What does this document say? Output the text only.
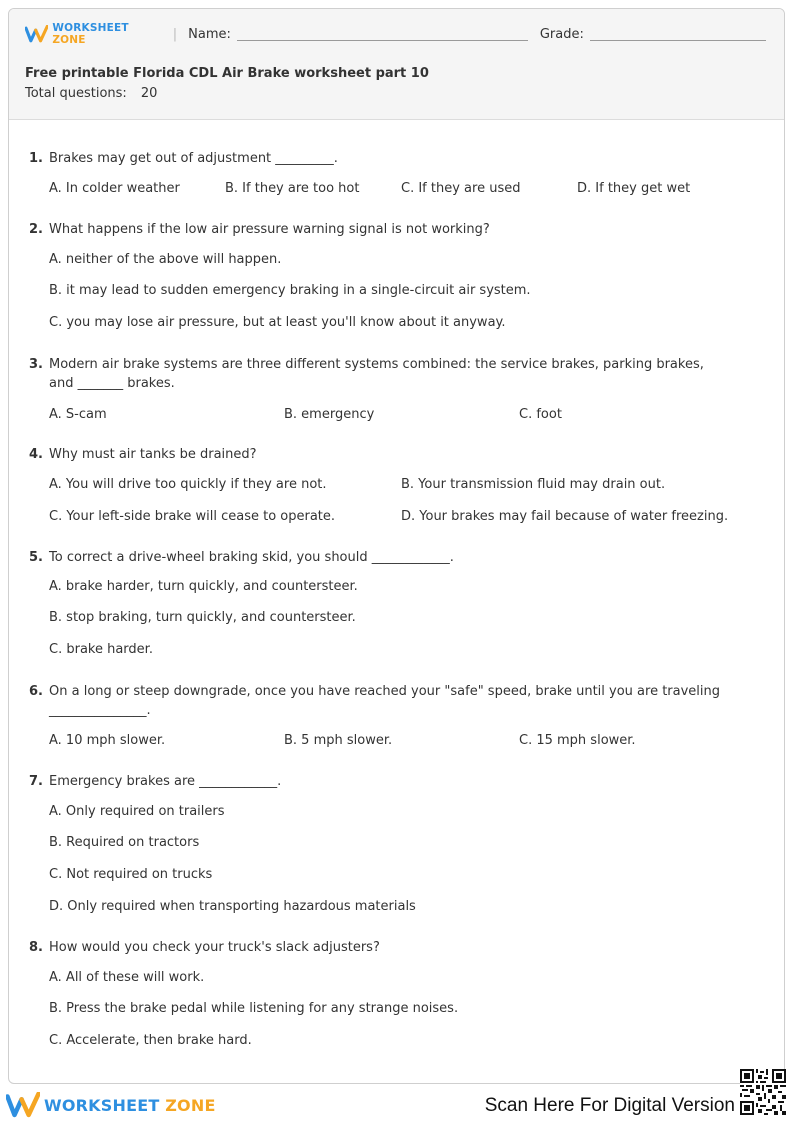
WORKSHEET ZONE	| Name:	Grade:
Free printable Florida CDL Air Brake worksheet part 10
Total questions: 20
1. Brakes may get out of adjustment _________.
A. In colder weather	B. If they are too hot	C. If they are used	D. If they get wet
2. What happens if the low air pressure warning signal is not working?
A. neither of the above will happen.
B. it may lead to sudden emergency braking in a single-circuit air system.
C. you may lose air pressure, but at least you'll know about it anyway.
3. Modern air brake systems are three different systems combined: the service brakes, parking brakes, and _______ brakes.
A. S-cam	B. emergency	C. foot
4. Why must air tanks be drained?
A. You will drive too quickly if they are not.	B. Your transmission fluid may drain out.
C. Your left-side brake will cease to operate.	D. Your brakes may fail because of water freezing.
5. To correct a drive-wheel braking skid, you should ____________.
A. brake harder, turn quickly, and countersteer.
B. stop braking, turn quickly, and countersteer.
C. brake harder.
6. On a long or steep downgrade, once you have reached your "safe" speed, brake until you are traveling _______________.
A. 10 mph slower.	B. 5 mph slower.	C. 15 mph slower.
7. Emergency brakes are ____________.
A. Only required on trailers
B. Required on tractors
C. Not required on trucks
D. Only required when transporting hazardous materials
8. How would you check your truck's slack adjusters?
A. All of these will work.
B. Press the brake pedal while listening for any strange noises.
C. Accelerate, then brake hard.
WORKSHEET ZONE	Scan Here For Digital Version
